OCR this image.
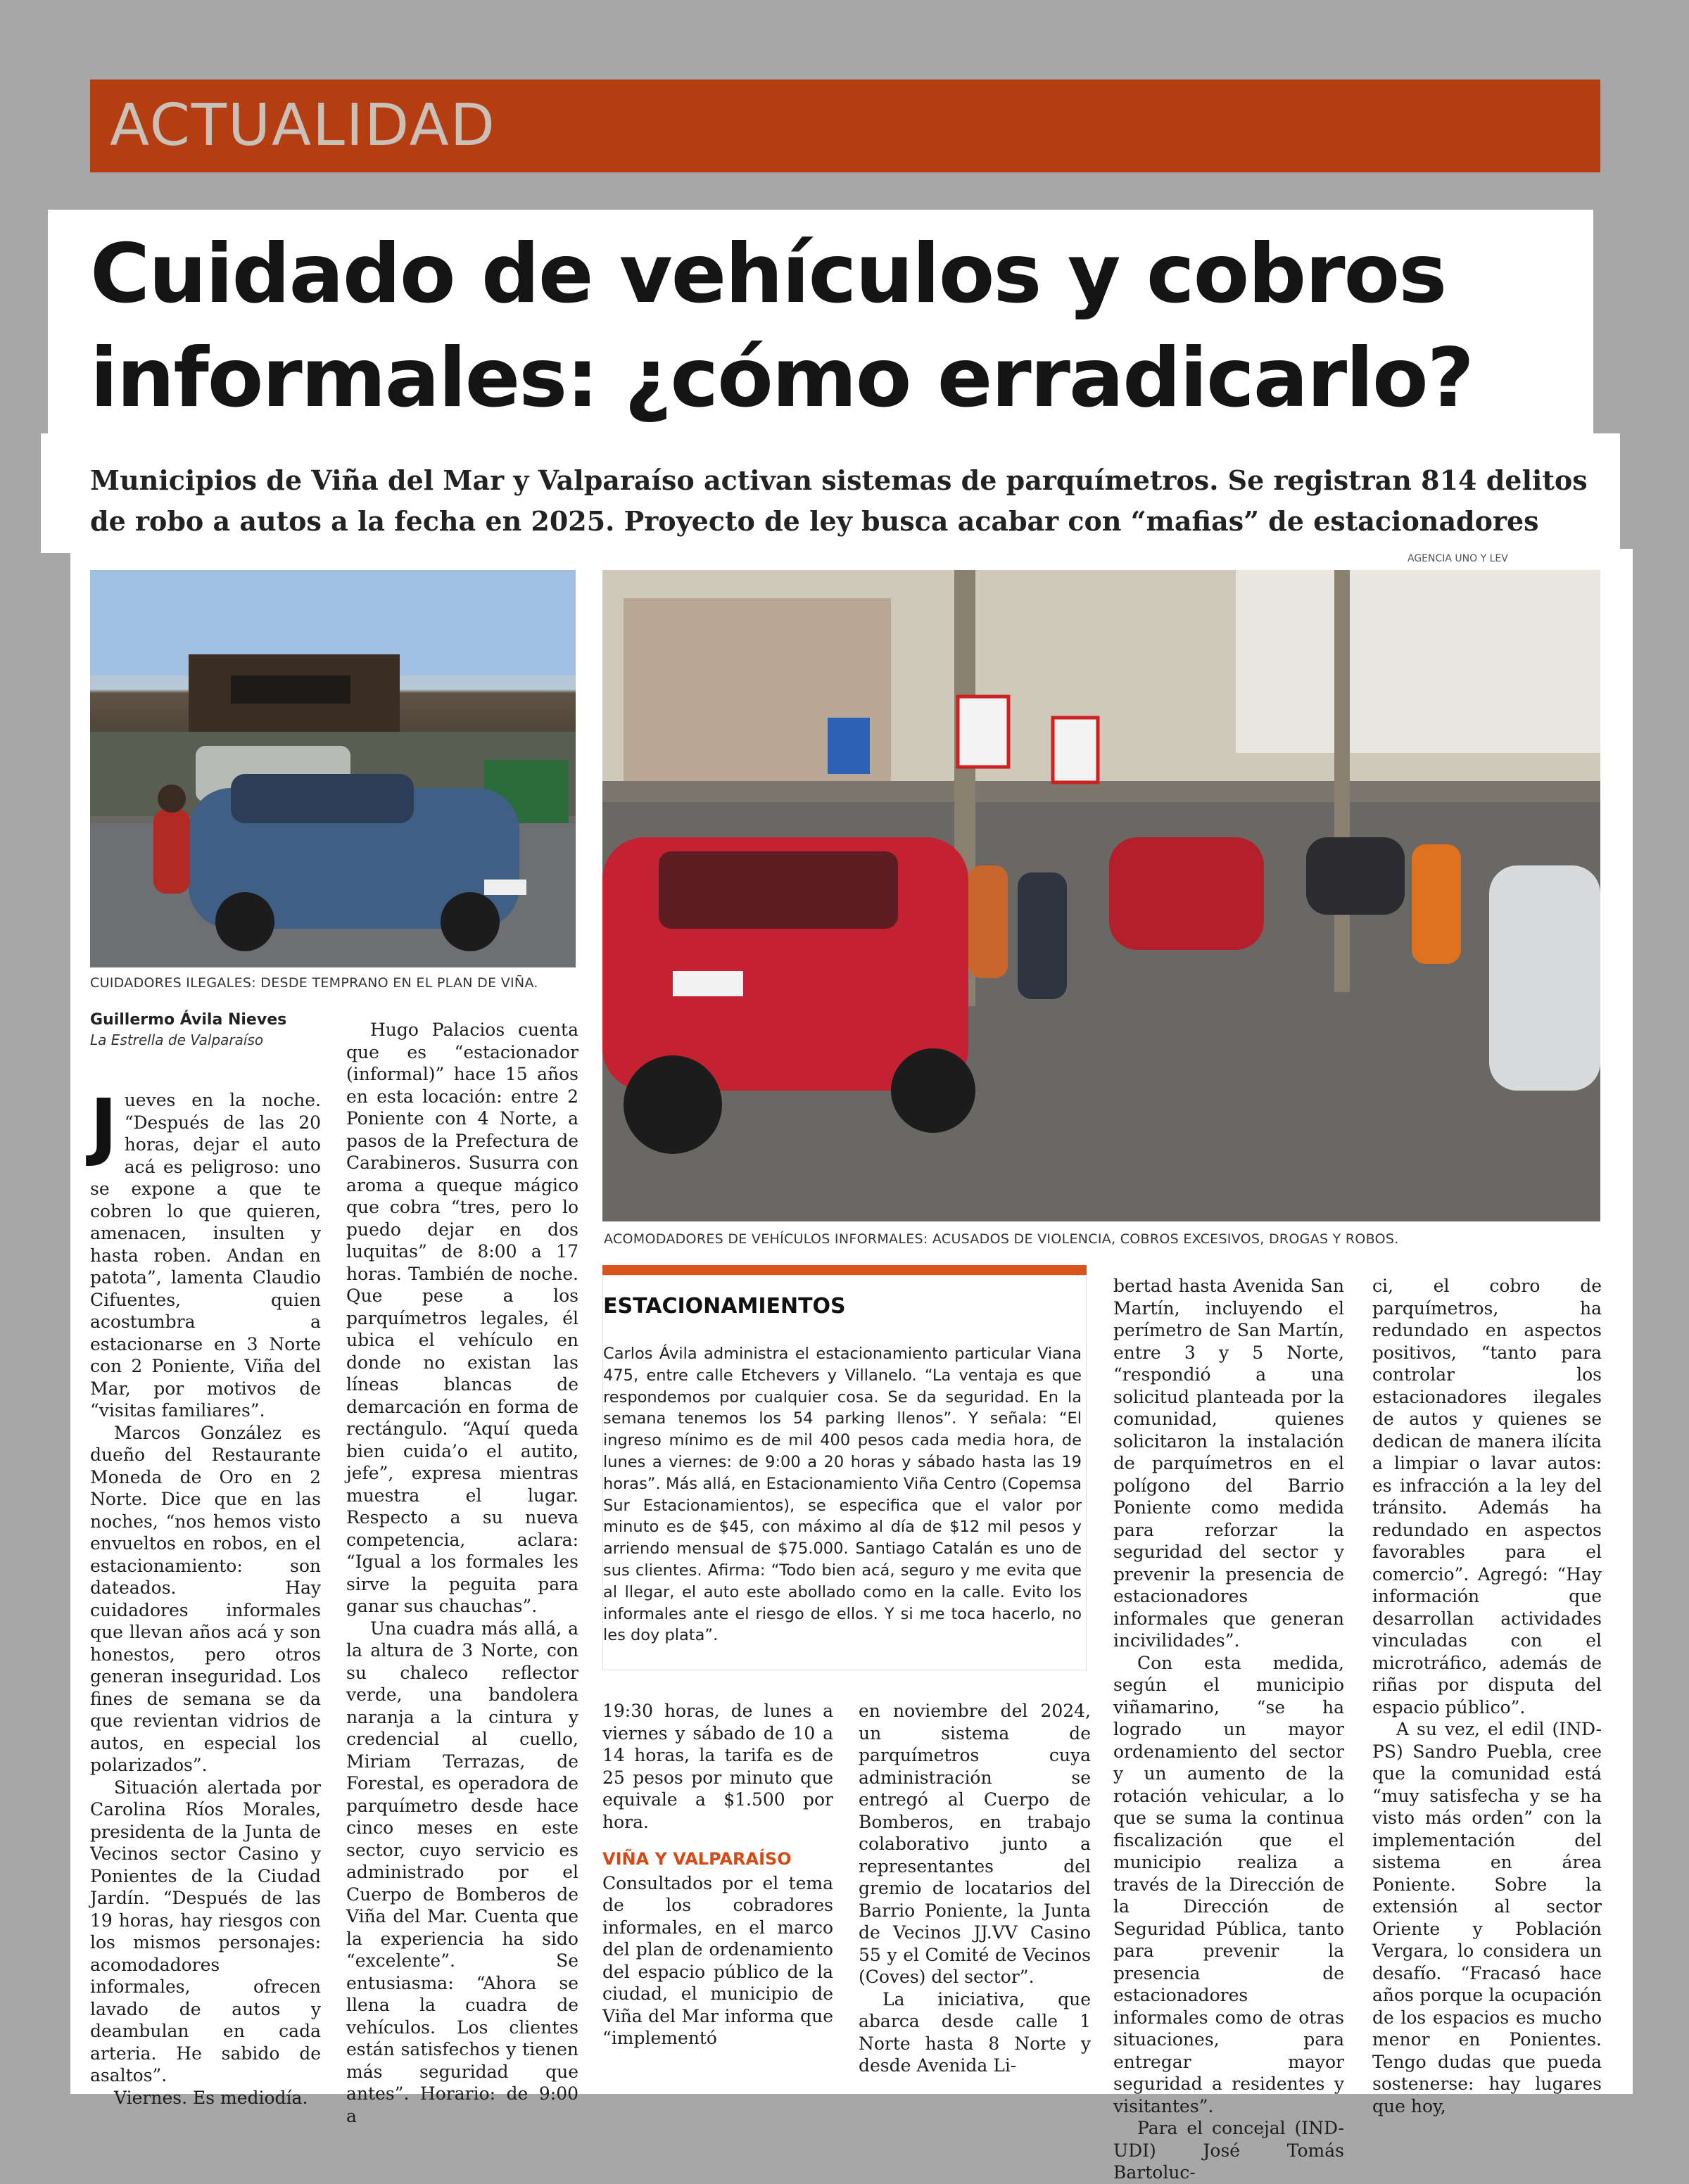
ACTUALIDAD
Cuidado de vehículos y cobros informales: ¿cómo erradicarlo?

Municipios de Viña del Mar y Valparaíso activan sistemas de parquímetros. Se registran 814 delitos de robo a autos a la fecha en 2025. Proyecto de ley busca acabar con “mafias” de estacionadores

AGENCIA UNO Y LEV
CUIDADORES ILEGALES: DESDE TEMPRANO EN EL PLAN DE VIÑA.
ACOMODADORES DE VEHÍCULOS INFORMALES: ACUSADOS DE VIOLENCIA, COBROS EXCESIVOS, DROGAS Y ROBOS.
Guillermo Ávila Nieves
La Estrella de Valparaíso

Jueves en la noche. “Después de las 20 horas, dejar el auto acá es peligroso: uno se expone a que te cobren lo que quieren, amenacen, insulten y hasta roben. Andan en patota”, lamenta Claudio Cifuentes, quien acostumbra a estacionarse en 3 Norte con 2 Poniente, Viña del Mar, por motivos de “visitas familiares”.

Marcos González es dueño del Restaurante Moneda de Oro en 2 Norte. Dice que en las noches, “nos hemos visto envueltos en robos, en el estacionamiento: son dateados. Hay cuidadores informales que llevan años acá y son honestos, pero otros generan inseguridad. Los fines de semana se da que revientan vidrios de autos, en especial los polarizados”.

Situación alertada por Carolina Ríos Morales, presidenta de la Junta de Vecinos sector Casino y Ponientes de la Ciudad Jardín. “Después de las 19 horas, hay riesgos con los mismos personajes: acomodadores informales, ofrecen lavado de autos y deambulan en cada arteria. He sabido de asaltos”.

Viernes. Es mediodía.

Hugo Palacios cuenta que es “estacionador (informal)” hace 15 años en esta locación: entre 2 Poniente con 4 Norte, a pasos de la Prefectura de Carabineros. Susurra con aroma a queque mágico que cobra “tres, pero lo puedo dejar en dos luquitas” de 8:00 a 17 horas. También de noche. Que pese a los parquímetros legales, él ubica el vehículo en donde no existan las líneas blancas de demarcación en forma de rectángulo. “Aquí queda bien cuida’o el autito, jefe”, expresa mientras muestra el lugar. Respecto a su nueva competencia, aclara: “Igual a los formales les sirve la peguita para ganar sus chauchas”.

Una cuadra más allá, a la altura de 3 Norte, con su chaleco reflector verde, una bandolera naranja a la cintura y credencial al cuello, Miriam Terrazas, de Forestal, es operadora de parquímetro desde hace cinco meses en este sector, cuyo servicio es administrado por el Cuerpo de Bomberos de Viña del Mar. Cuenta que la experiencia ha sido “excelente”. Se entusiasma: “Ahora se llena la cuadra de vehículos. Los clientes están satisfechos y tienen más seguridad que antes”. Horario: de 9:00 a

ESTACIONAMIENTOS
Carlos Ávila administra el estacionamiento particular Viana 475, entre calle Etchevers y Villanelo. “La ventaja es que respondemos por cualquier cosa. Se da seguridad. En la semana tenemos los 54 parking llenos”. Y señala: “El ingreso mínimo es de mil 400 pesos cada media hora, de lunes a viernes: de 9:00 a 20 horas y sábado hasta las 19 horas”. Más allá, en Estacionamiento Viña Centro (Copemsa Sur Estacionamientos), se especifica que el valor por minuto es de $45, con máximo al día de $12 mil pesos y arriendo mensual de $75.000. Santiago Catalán es uno de sus clientes. Afirma: “Todo bien acá, seguro y me evita que al llegar, el auto este abollado como en la calle. Evito los informales ante el riesgo de ellos. Y si me toca hacerlo, no les doy plata”.

19:30 horas, de lunes a viernes y sábado de 10 a 14 horas, la tarifa es de 25 pesos por minuto que equivale a $1.500 por hora.

VIÑA Y VALPARAÍSO

Consultados por el tema de los cobradores informales, en el marco del plan de ordenamiento del espacio público de la ciudad, el municipio de Viña del Mar informa que “implementó

en noviembre del 2024, un sistema de parquímetros cuya administración se entregó al Cuerpo de Bomberos, en trabajo colaborativo junto a representantes del gremio de locatarios del Barrio Poniente, la Junta de Vecinos JJ.VV Casino 55 y el Comité de Vecinos (Coves) del sector”.

La iniciativa, que abarca desde calle 1 Norte hasta 8 Norte y desde Avenida Li-

bertad hasta Avenida San Martín, incluyendo el perímetro de San Martín, entre 3 y 5 Norte, “respondió a una solicitud planteada por la comunidad, quienes solicitaron la instalación de parquímetros en el polígono del Barrio Poniente como medida para reforzar la seguridad del sector y prevenir la presencia de estacionadores informales que generan incivilidades”.

Con esta medida, según el municipio viñamarino, “se ha logrado un mayor ordenamiento del sector y un aumento de la rotación vehicular, a lo que se suma la continua fiscalización que el municipio realiza a través de la Dirección de la Dirección de Seguridad Pública, tanto para prevenir la presencia de estacionadores informales como de otras situaciones, para entregar mayor seguridad a residentes y visitantes”.

Para el concejal (IND-UDI) José Tomás Bartoluc-

ci, el cobro de parquímetros, ha redundado en aspectos positivos, “tanto para controlar los estacionadores ilegales de autos y quienes se dedican de manera ilícita a limpiar o lavar autos: es infracción a la ley del tránsito. Además ha redundado en aspectos favorables para el comercio”. Agregó: “Hay información que desarrollan actividades vinculadas con el microtráfico, además de riñas por disputa del espacio público”.

A su vez, el edil (IND-PS) Sandro Puebla, cree que la comunidad está “muy satisfecha y se ha visto más orden” con la implementación del sistema en área Poniente. Sobre la extensión al sector Oriente y Población Vergara, lo considera un desafío. “Fracasó hace años porque la ocupación de los espacios es mucho menor en Ponientes. Tengo dudas que pueda sostenerse: hay lugares que hoy,
